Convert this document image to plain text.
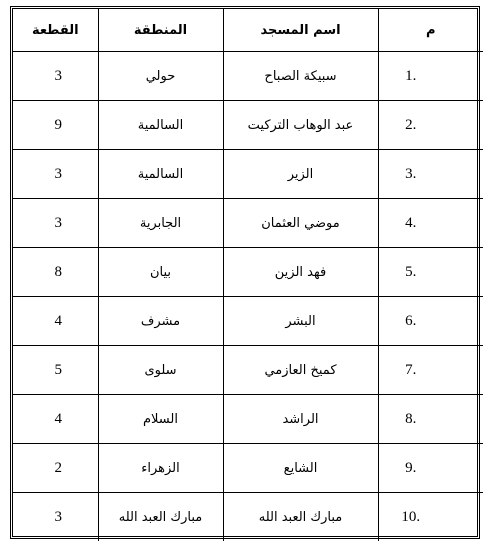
م	اسم المسجد	المنطقة	القطعة
1.	سبيكة الصباح	حولي	3
2.	عبد الوهاب التركيت	السالمية	9
3.	الزير	السالمية	3
4.	موضي العثمان	الجابرية	3
5.	فهد الزين	بيان	8
6.	البشر	مشرف	4
7.	كميخ العازمي	سلوى	5
8.	الراشد	السلام	4
9.	الشايع	الزهراء	2
10.	مبارك العبد الله	مبارك العبد الله	3
